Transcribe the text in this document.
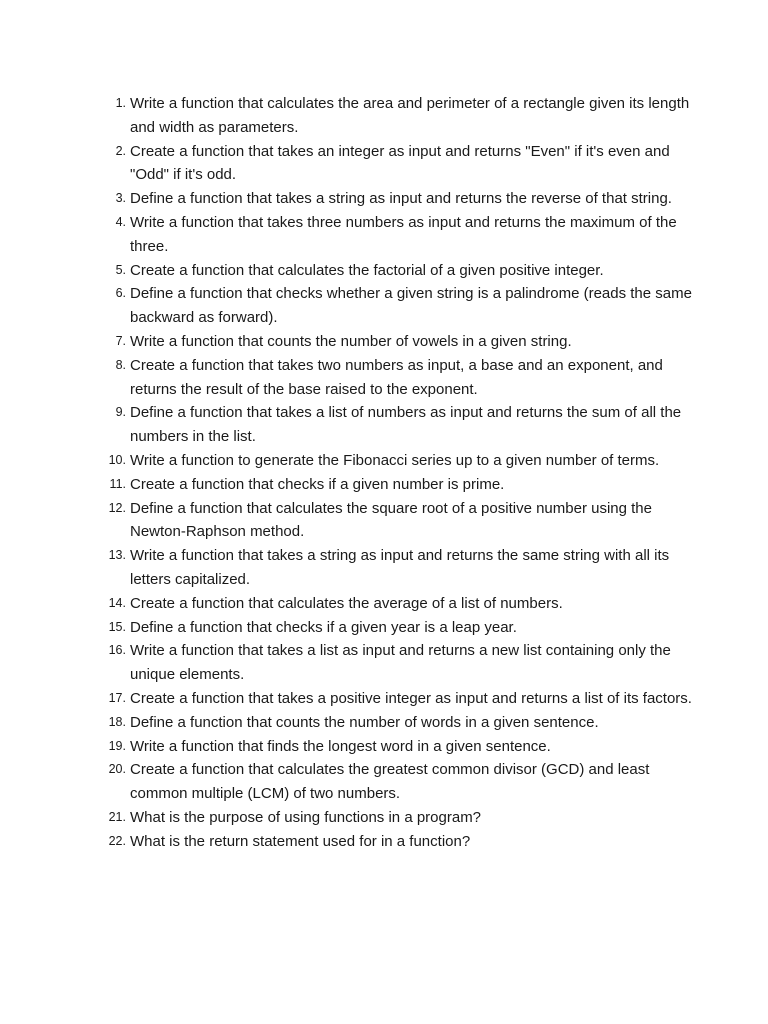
1. Write a function that calculates the area and perimeter of a rectangle given its length and width as parameters.
2. Create a function that takes an integer as input and returns "Even" if it's even and "Odd" if it's odd.
3. Define a function that takes a string as input and returns the reverse of that string.
4. Write a function that takes three numbers as input and returns the maximum of the three.
5. Create a function that calculates the factorial of a given positive integer.
6. Define a function that checks whether a given string is a palindrome (reads the same backward as forward).
7. Write a function that counts the number of vowels in a given string.
8. Create a function that takes two numbers as input, a base and an exponent, and returns the result of the base raised to the exponent.
9. Define a function that takes a list of numbers as input and returns the sum of all the numbers in the list.
10. Write a function to generate the Fibonacci series up to a given number of terms.
11. Create a function that checks if a given number is prime.
12. Define a function that calculates the square root of a positive number using the Newton-Raphson method.
13. Write a function that takes a string as input and returns the same string with all its letters capitalized.
14. Create a function that calculates the average of a list of numbers.
15. Define a function that checks if a given year is a leap year.
16. Write a function that takes a list as input and returns a new list containing only the unique elements.
17. Create a function that takes a positive integer as input and returns a list of its factors.
18. Define a function that counts the number of words in a given sentence.
19. Write a function that finds the longest word in a given sentence.
20. Create a function that calculates the greatest common divisor (GCD) and least common multiple (LCM) of two numbers.
21. What is the purpose of using functions in a program?
22. What is the return statement used for in a function?
